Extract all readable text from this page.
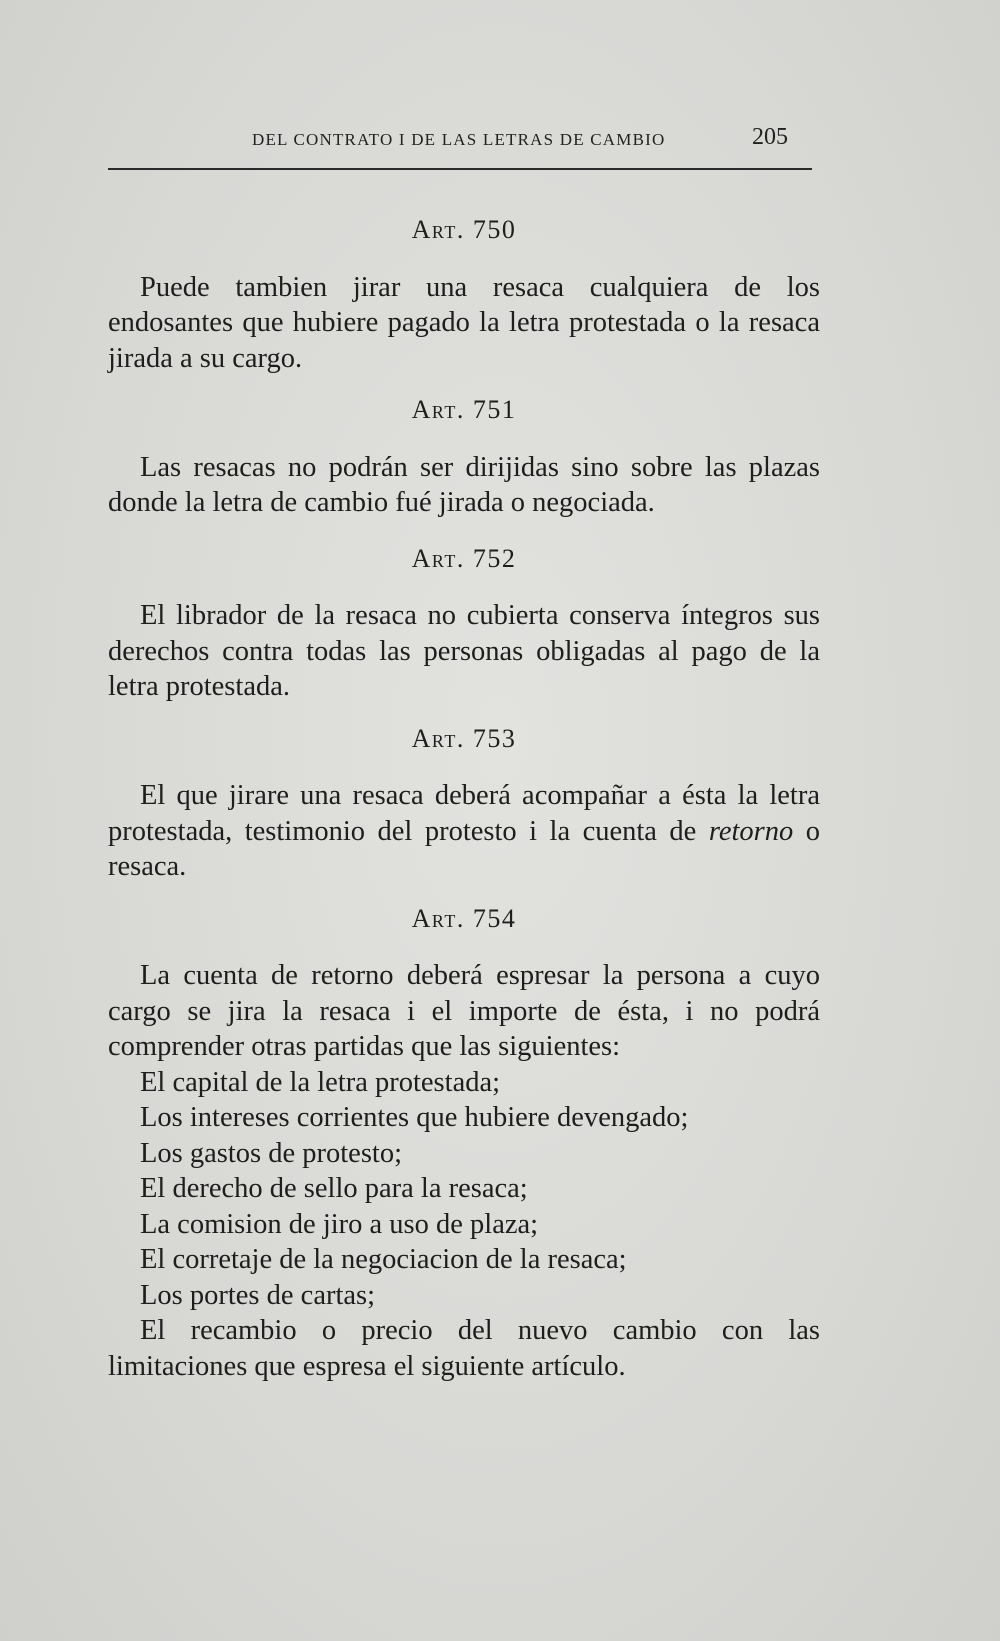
DEL CONTRATO I DE LAS LETRAS DE CAMBIO	205
Art. 750

Puede tambien jirar una resaca cualquiera de los endosantes que hubiere pagado la letra protestada o la resaca jirada a su cargo.

Art. 751

Las resacas no podrán ser dirijidas sino sobre las plazas donde la letra de cambio fué jirada o negociada.

Art. 752

El librador de la resaca no cubierta conserva íntegros sus derechos contra todas las personas obligadas al pago de la letra protestada.

Art. 753

El que jirare una resaca deberá acompañar a ésta la letra protestada, testimonio del protesto i la cuenta de retorno o resaca.

Art. 754

La cuenta de retorno deberá espresar la persona a cuyo cargo se jira la resaca i el importe de ésta, i no podrá comprender otras partidas que las siguientes:

El capital de la letra protestada;
Los intereses corrientes que hubiere devengado;
Los gastos de protesto;
El derecho de sello para la resaca;
La comision de jiro a uso de plaza;
El corretaje de la negociacion de la resaca;
Los portes de cartas;
El recambio o precio del nuevo cambio con las limitaciones que espresa el siguiente artículo.
